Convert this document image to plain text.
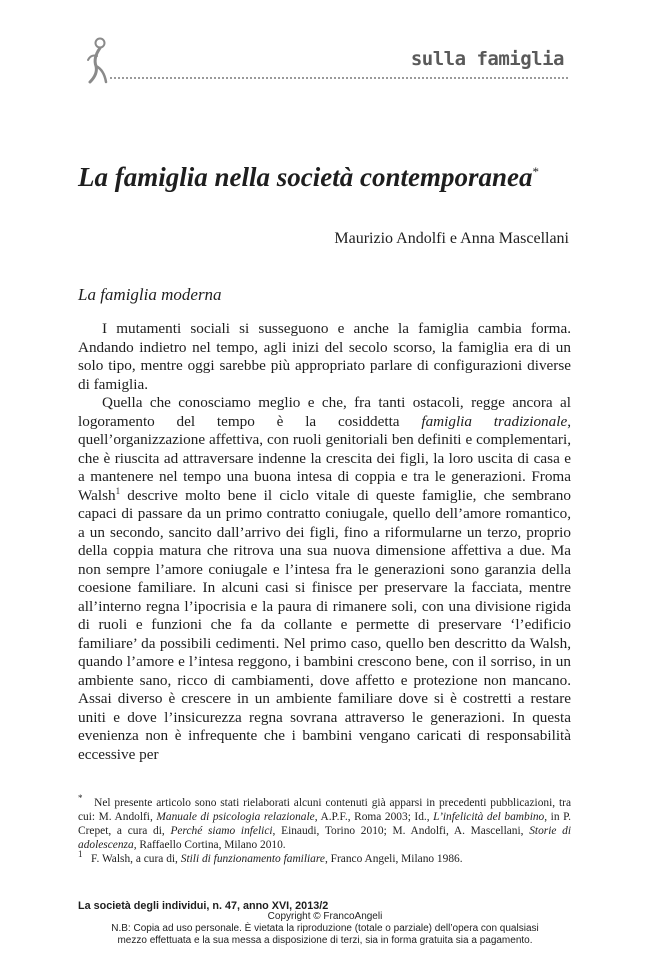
sulla famiglia
La famiglia nella società contemporanea*
Maurizio Andolfi e Anna Mascellani
La famiglia moderna

I mutamenti sociali si susseguono e anche la famiglia cambia forma. Andando indietro nel tempo, agli inizi del secolo scorso, la famiglia era di un solo tipo, mentre oggi sarebbe più appropriato parlare di configurazioni diverse di famiglia.

Quella che conosciamo meglio e che, fra tanti ostacoli, regge ancora al logoramento del tempo è la cosiddetta famiglia tradizionale, quell’organizzazione affettiva, con ruoli genitoriali ben definiti e complementari, che è riuscita ad attraversare indenne la crescita dei figli, la loro uscita di casa e a mantenere nel tempo una buona intesa di coppia e tra le generazioni. Froma Walsh$^1$ descrive molto bene il ciclo vitale di queste famiglie, che sembrano capaci di passare da un primo contratto coniugale, quello dell’amore romantico, a un secondo, sancito dall’arrivo dei figli, fino a riformularne un terzo, proprio della coppia matura che ritrova una sua nuova dimensione affettiva a due. Ma non sempre l’amore coniugale e l’intesa fra le generazioni sono garanzia della coesione familiare. In alcuni casi si finisce per preservare la facciata, mentre all’interno regna l’ipocrisia e la paura di rimanere soli, con una divisione rigida di ruoli e funzioni che fa da collante e permette di preservare ‘l’edificio familiare’ da possibili cedimenti. Nel primo caso, quello ben descritto da Walsh, quando l’amore e l’intesa reggono, i bambini crescono bene, con il sorriso, in un ambiente sano, ricco di cambiamenti, dove affetto e protezione non mancano. Assai diverso è crescere in un ambiente familiare dove si è costretti a restare uniti e dove l’insicurezza regna sovrana attraverso le generazioni. In questa evenienza non è infrequente che i bambini vengano caricati di responsabilità eccessive per

* Nel presente articolo sono stati rielaborati alcuni contenuti già apparsi in precedenti pubblicazioni, tra cui: M. Andolfi, Manuale di psicologia relazionale, A.P.F., Roma 2003; Id., L’infelicità del bambino, in P. Crepet, a cura di, Perché siamo infelici, Einaudi, Torino 2010; M. Andolfi, A. Mascellani, Storie di adolescenza, Raffaello Cortina, Milano 2010.

$^1$ F. Walsh, a cura di, Stili di funzionamento familiare, Franco Angeli, Milano 1986.

La società degli individui, n. 47, anno XVI, 2013/2
Copyright © FrancoAngeli
N.B: Copia ad uso personale. È vietata la riproduzione (totale o parziale) dell’opera con qualsiasi
mezzo effettuata e la sua messa a disposizione di terzi, sia in forma gratuita sia a pagamento.
